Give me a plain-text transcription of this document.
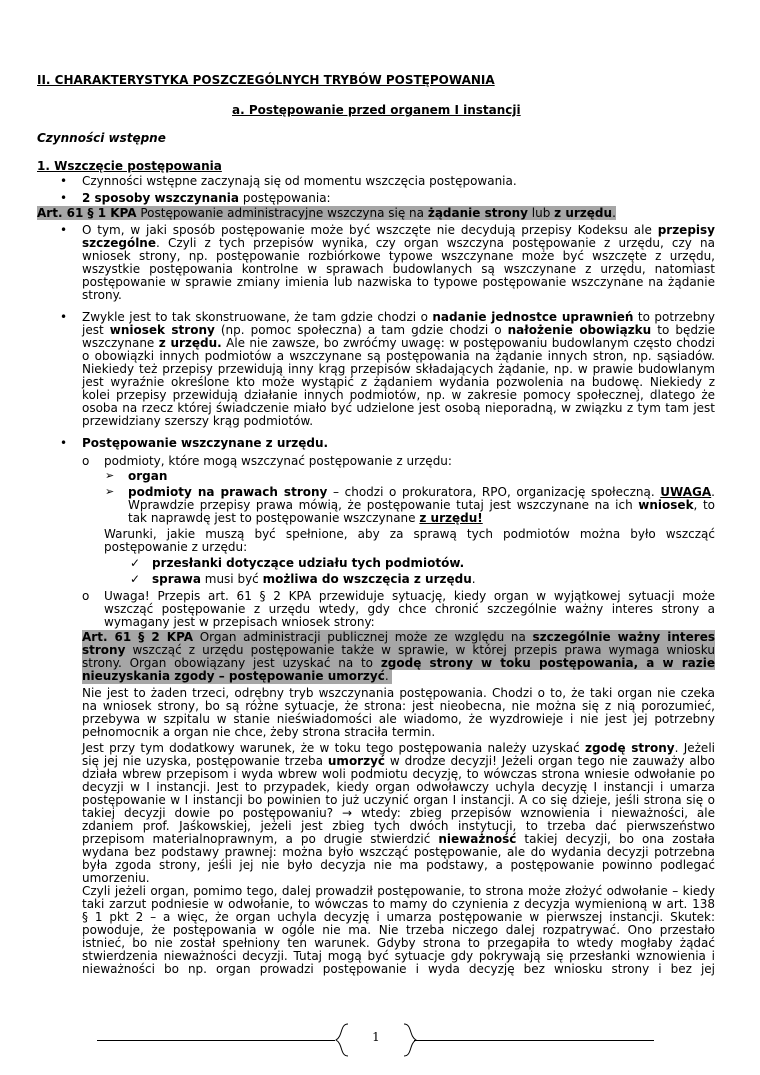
II. CHARAKTERYSTYKA POSZCZEGÓLNYCH TRYBÓW POSTĘPOWANIA
a. Postępowanie przed organem I instancji
Czynności wstępne
1. Wszczęcie postępowania
• Czynności wstępne zaczynają się od momentu wszczęcia postępowania.
• 2 sposoby wszczynania postępowania:
Art. 61 § 1 KPA Postępowanie administracyjne wszczyna się na żądanie strony lub z urzędu.
• O tym, w jaki sposób postępowanie może być wszczęte nie decydują przepisy Kodeksu ale przepisy
szczególne. Czyli z tych przepisów wynika, czy organ wszczyna postępowanie z urzędu, czy na
wniosek strony, np. postępowanie rozbiórkowe typowe wszczynane może być wszczęte z urzędu,
wszystkie postępowania kontrolne w sprawach budowlanych są wszczynane z urzędu, natomiast
postępowanie w sprawie zmiany imienia lub nazwiska to typowe postępowanie wszczynane na żądanie
strony.
• Zwykle jest to tak skonstruowane, że tam gdzie chodzi o nadanie jednostce uprawnień to potrzebny
jest wniosek strony (np. pomoc społeczna) a tam gdzie chodzi o nałożenie obowiązku to będzie
wszczynane z urzędu. Ale nie zawsze, bo zwróćmy uwagę: w postępowaniu budowlanym często chodzi
o obowiązki innych podmiotów a wszczynane są postępowania na żądanie innych stron, np. sąsiadów.
Niekiedy też przepisy przewidują inny krąg przepisów składających żądanie, np. w prawie budowlanym
jest wyraźnie określone kto może wystąpić z żądaniem wydania pozwolenia na budowę. Niekiedy z
kolei przepisy przewidują działanie innych podmiotów, np. w zakresie pomocy społecznej, dlatego że
osoba na rzecz której świadczenie miało być udzielone jest osobą nieporadną, w związku z tym tam jest
przewidziany szerszy krąg podmiotów.
• Postępowanie wszczynane z urzędu.
o podmioty, które mogą wszczynać postępowanie z urzędu:
➢ organ
➢ podmioty na prawach strony – chodzi o prokuratora, RPO, organizację społeczną. UWAGA.
Wprawdzie przepisy prawa mówią, że postępowanie tutaj jest wszczynane na ich wniosek, to
tak naprawdę jest to postępowanie wszczynane z urzędu!
Warunki, jakie muszą być spełnione, aby za sprawą tych podmiotów można było wszcząć
postępowanie z urzędu:
✓ przesłanki dotyczące udziału tych podmiotów.
✓ sprawa musi być możliwa do wszczęcia z urzędu.
o Uwaga! Przepis art. 61 § 2 KPA przewiduje sytuację, kiedy organ w wyjątkowej sytuacji może
wszcząć postępowanie z urzędu wtedy, gdy chce chronić szczególnie ważny interes strony a
wymagany jest w przepisach wniosek strony:
Art. 61 § 2 KPA Organ administracji publicznej może ze względu na szczególnie ważny interes
strony wszcząć z urzędu postępowanie także w sprawie, w której przepis prawa wymaga wniosku
strony. Organ obowiązany jest uzyskać na to zgodę strony w toku postępowania, a w razie
nieuzyskania zgody – postępowanie umorzyć.
Nie jest to żaden trzeci, odrębny tryb wszczynania postępowania. Chodzi o to, że taki organ nie czeka
na wniosek strony, bo są różne sytuacje, że strona: jest nieobecna, nie można się z nią porozumieć,
przebywa w szpitalu w stanie nieświadomości ale wiadomo, że wyzdrowieje i nie jest jej potrzebny
pełnomocnik a organ nie chce, żeby strona straciła termin.
Jest przy tym dodatkowy warunek, że w toku tego postępowania należy uzyskać zgodę strony. Jeżeli
się jej nie uzyska, postępowanie trzeba umorzyć w drodze decyzji! Jeżeli organ tego nie zauważy albo
działa wbrew przepisom i wyda wbrew woli podmiotu decyzję, to wówczas strona wniesie odwołanie po
decyzji w I instancji. Jest to przypadek, kiedy organ odwoławczy uchyla decyzję I instancji i umarza
postępowanie w I instancji bo powinien to już uczynić organ I instancji. A co się dzieje, jeśli strona się o
takiej decyzji dowie po postępowaniu? → wtedy: zbieg przepisów wznowienia i nieważności, ale
zdaniem prof. Jaśkowskiej, jeżeli jest zbieg tych dwóch instytucji, to trzeba dać pierwszeństwo
przepisom materialnoprawnym, a po drugie stwierdzić nieważność takiej decyzji, bo ona została
wydana bez podstawy prawnej: można było wszcząć postępowanie, ale do wydania decyzji potrzebna
była zgoda strony, jeśli jej nie było decyzja nie ma podstawy, a postępowanie powinno podlegać
umorzeniu.
Czyli jeżeli organ, pomimo tego, dalej prowadził postępowanie, to strona może złożyć odwołanie – kiedy
taki zarzut podniesie w odwołanie, to wówczas to mamy do czynienia z decyzja wymienioną w art. 138
§ 1 pkt 2 – a więc, że organ uchyla decyzję i umarza postępowanie w pierwszej instancji. Skutek:
powoduje, że postępowania w ogóle nie ma. Nie trzeba niczego dalej rozpatrywać. Ono przestało
istnieć, bo nie został spełniony ten warunek. Gdyby strona to przegapiła to wtedy mogłaby żądać
stwierdzenia nieważności decyzji. Tutaj mogą być sytuacje gdy pokrywają się przesłanki wznowienia i
nieważności bo np. organ prowadzi postępowanie i wyda decyzję bez wniosku strony i bez jej
1
